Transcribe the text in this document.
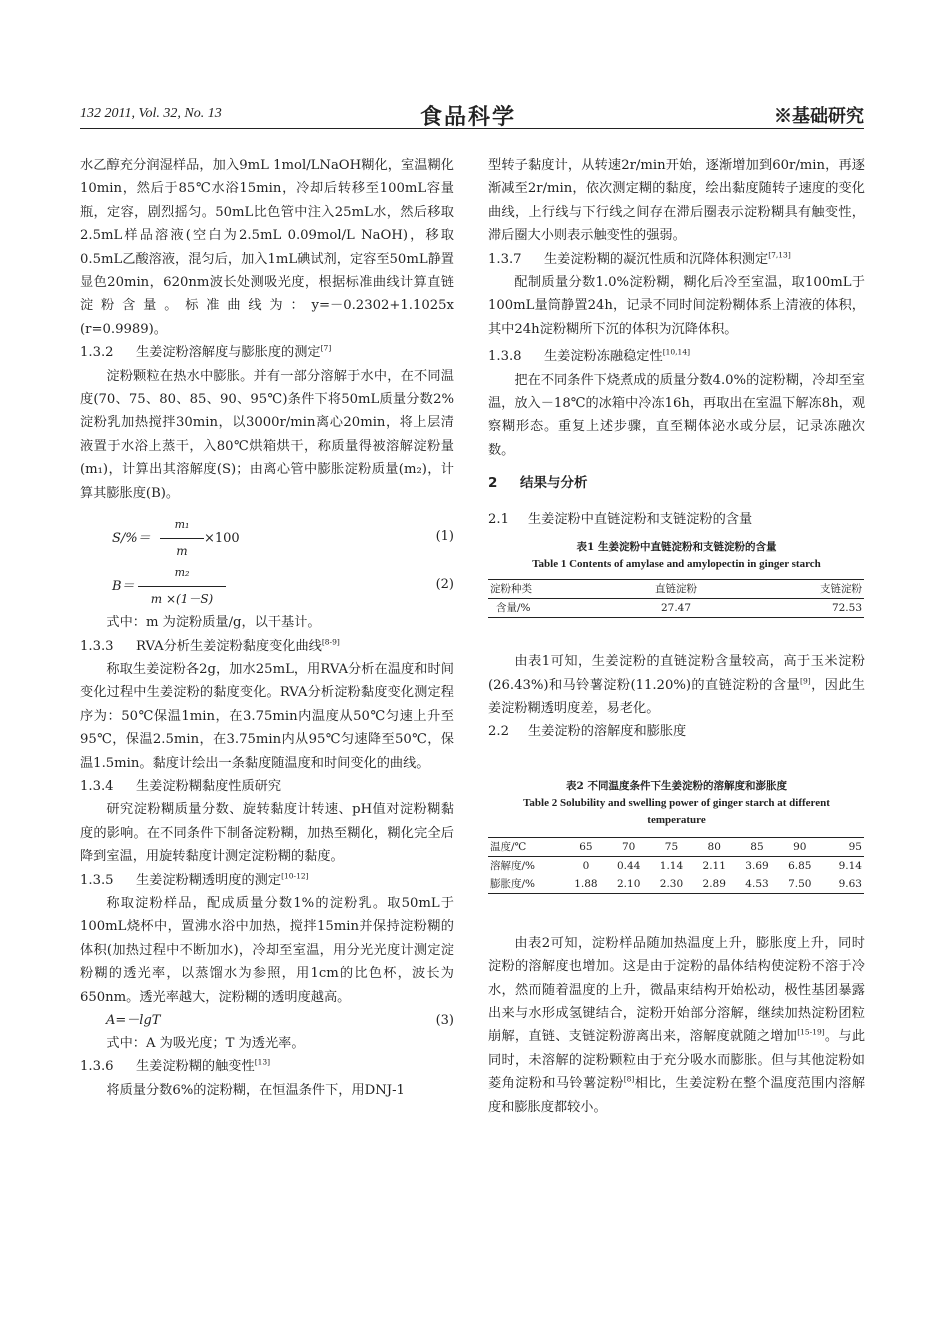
132 2011, Vol. 32, No. 13	食品科学	※基础研究

水乙醇充分润湿样品，加入9mL 1mol/LNaOH糊化，室温糊化10min，然后于85℃水浴15min，冷却后转移至100mL容量瓶，定容，剧烈摇匀。50mL比色管中注入25mL水，然后移取2.5mL样品溶液(空白为2.5mL 0.09mol/L NaOH)，移取0.5mL乙酸溶液，混匀后，加入1mL碘试剂，定容至50mL静置显色20min，620nm波长处测吸光度，根据标准曲线计算直链淀粉含量。标准曲线为：y=－0.2302+1.1025x (r=0.9989)。

1.3.2 生姜淀粉溶解度与膨胀度的测定[7]

淀粉颗粒在热水中膨胀。并有一部分溶解于水中，在不同温度(70、75、80、85、90、95℃)条件下将50mL质量分数2%淀粉乳加热搅拌30min，以3000r/min离心20min，将上层清液置于水浴上蒸干，入80℃烘箱烘干，称质量得被溶解淀粉量(m₁)，计算出其溶解度(S)；由离心管中膨胀淀粉质量(m₂)，计算其膨胀度(B)。

S/%＝
m₁
m
×100	(1)
B＝
m₂
m ×(1－S)
(2)

式中：m 为淀粉质量/g，以干基计。

1.3.3 RVA分析生姜淀粉黏度变化曲线[8-9]

称取生姜淀粉各2g，加水25mL，用RVA分析在温度和时间变化过程中生姜淀粉的黏度变化。RVA分析淀粉黏度变化测定程序为：50℃保温1min，在3.75min内温度从50℃匀速上升至95℃，保温2.5min，在3.75min内从95℃匀速降至50℃，保温1.5min。黏度计绘出一条黏度随温度和时间变化的曲线。

1.3.4 生姜淀粉糊黏度性质研究

研究淀粉糊质量分数、旋转黏度计转速、pH值对淀粉糊黏度的影响。在不同条件下制备淀粉糊，加热至糊化，糊化完全后降到室温，用旋转黏度计测定淀粉糊的黏度。

1.3.5 生姜淀粉糊透明度的测定[10-12]

称取淀粉样品，配成质量分数1%的淀粉乳。取50mL于100mL烧杯中，置沸水浴中加热，搅拌15min并保持淀粉糊的体积(加热过程中不断加水)，冷却至室温，用分光光度计测定淀粉糊的透光率，以蒸馏水为参照，用1cm的比色杯，波长为650nm。透光率越大，淀粉糊的透明度越高。

A=－lgT	(3)

式中：A 为吸光度；T 为透光率。

1.3.6 生姜淀粉糊的触变性[13]

将质量分数6%的淀粉糊，在恒温条件下，用DNJ-1

型转子黏度计，从转速2r/min开始，逐渐增加到60r/min，再逐渐减至2r/min，依次测定糊的黏度，绘出黏度随转子速度的变化曲线，上行线与下行线之间存在滞后圈表示淀粉糊具有触变性，滞后圈大小则表示触变性的强弱。

1.3.7 生姜淀粉糊的凝沉性质和沉降体积测定[7,13]

配制质量分数1.0%淀粉糊，糊化后冷至室温，取100mL于100mL量筒静置24h，记录不同时间淀粉糊体系上清液的体积，其中24h淀粉糊所下沉的体积为沉降体积。

1.3.8 生姜淀粉冻融稳定性[10,14]

把在不同条件下烧煮成的质量分数4.0%的淀粉糊，冷却至室温，放入－18℃的冰箱中冷冻16h，再取出在室温下解冻8h，观察糊形态。重复上述步骤，直至糊体泌水或分层，记录冻融次数。

2 结果与分析
2.1 生姜淀粉中直链淀粉和支链淀粉的含量
表1 生姜淀粉中直链淀粉和支链淀粉的含量
Table 1 Contents of amylase and amylopectin in ginger starch
淀粉种类	直链淀粉	支链淀粉
含量/%	27.47	72.53

由表1可知，生姜淀粉的直链淀粉含量较高，高于玉米淀粉(26.43%)和马铃薯淀粉(11.20%)的直链淀粉的含量[9]，因此生姜淀粉糊透明度差，易老化。

2.2 生姜淀粉的溶解度和膨胀度
表2 不同温度条件下生姜淀粉的溶解度和澎胀度
Table 2 Solubility and swelling power of ginger starch at different temperature
温度/℃	65	70	75	80	85	90	95
溶解度/%	0	0.44	1.14	2.11	3.69	6.85	9.14
膨胀度/%	1.88	2.10	2.30	2.89	4.53	7.50	9.63

由表2可知，淀粉样品随加热温度上升，膨胀度上升，同时淀粉的溶解度也增加。这是由于淀粉的晶体结构使淀粉不溶于冷水，然而随着温度的上升，微晶束结构开始松动，极性基团暴露出来与水形成氢键结合，淀粉开始部分溶解，继续加热淀粉团粒崩解，直链、支链淀粉游离出来，溶解度就随之增加[15-19]。与此同时，未溶解的淀粉颗粒由于充分吸水而膨胀。但与其他淀粉如菱角淀粉和马铃薯淀粉[8]相比，生姜淀粉在整个温度范围内溶解度和膨胀度都较小。
